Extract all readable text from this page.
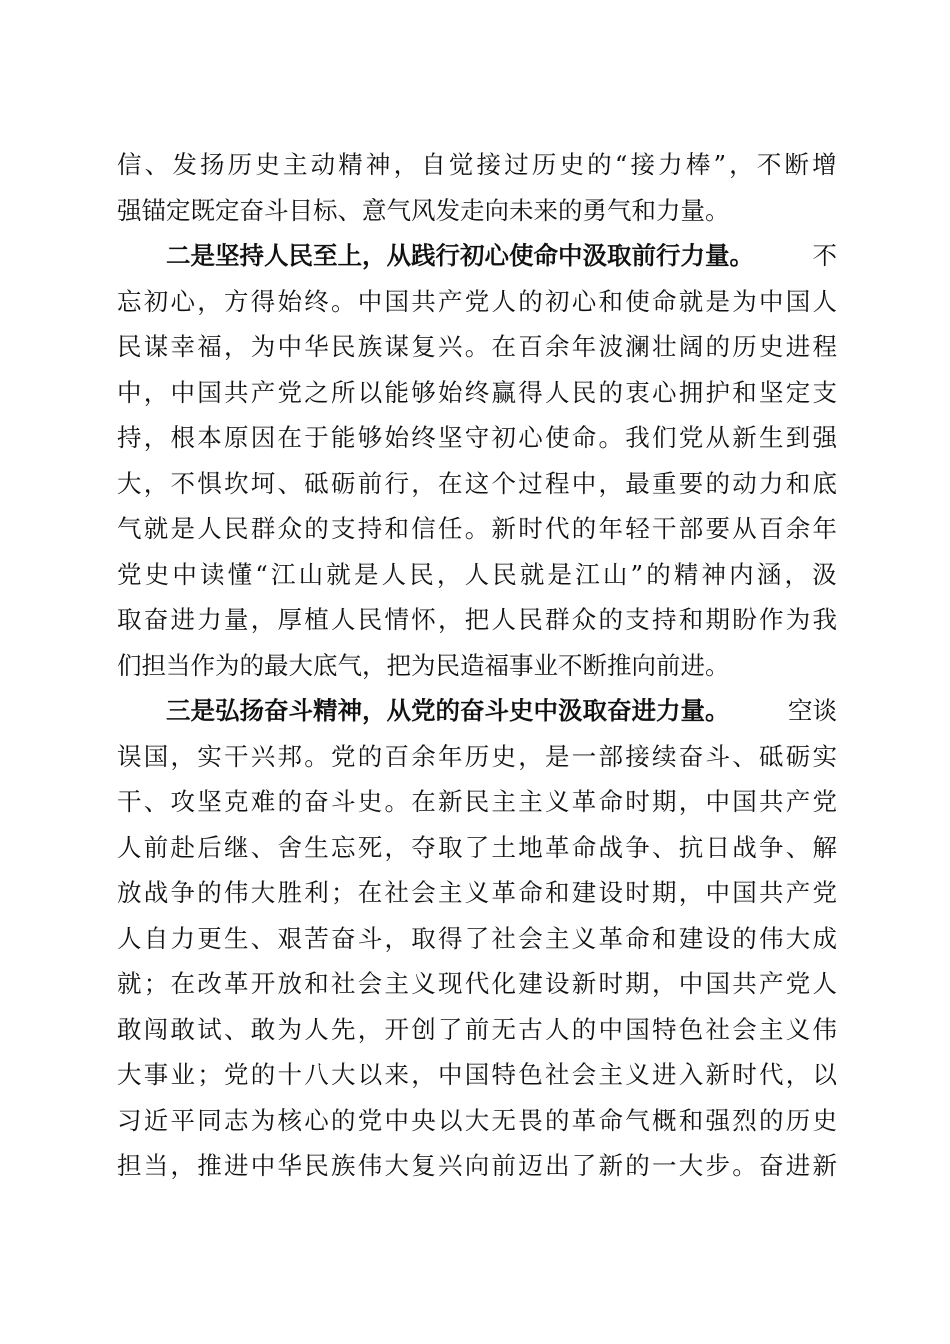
信 、 发 扬 历 史 主 动 精 神 ， 自 觉 接 过 历 史 的 “ 接 力 棒 ” ， 不 断 增
强锚定既定奋斗目标、意气风发走向未来的勇气和力量。
二是坚持人民至上，从践行初心使命中汲取前行力量。 不
忘 初 心 ， 方 得 始 终 。 中 国 共 产 党 人 的 初 心 和 使 命 就 是 为 中 国 人
民 谋 幸 福 ， 为 中 华 民 族 谋 复 兴 。 在 百 余 年 波 澜 壮 阔 的 历 史 进 程
中 ， 中 国 共 产 党 之 所 以 能 够 始 终 赢 得 人 民 的 衷 心 拥 护 和 坚 定 支
持 ， 根 本 原 因 在 于 能 够 始 终 坚 守 初 心 使 命 。 我 们 党 从 新 生 到 强
大 ， 不 惧 坎 坷 、 砥 砺 前 行 ， 在 这 个 过 程 中 ， 最 重 要 的 动 力 和 底
气 就 是 人 民 群 众 的 支 持 和 信 任 。 新 时 代 的 年 轻 干 部 要 从 百 余 年
党 史 中 读 懂 “ 江 山 就 是 人 民 ， 人 民 就 是 江 山 ” 的 精 神 内 涵 ， 汲
取 奋 进 力 量 ， 厚 植 人 民 情 怀 ， 把 人 民 群 众 的 支 持 和 期 盼 作 为 我
们担当作为的最大底气，把为民造福事业不断推向前进。
三是弘扬奋斗精神，从党的奋斗史中汲取奋进力量。 空谈
误 国 ， 实 干 兴 邦 。 党 的 百 余 年 历 史 ， 是 一 部 接 续 奋 斗 、 砥 砺 实
干 、 攻 坚 克 难 的 奋 斗 史 。 在 新 民 主 主 义 革 命 时 期 ， 中 国 共 产 党
人 前 赴 后 继 、 舍 生 忘 死 ， 夺 取 了 土 地 革 命 战 争 、 抗 日 战 争 、 解
放 战 争 的 伟 大 胜 利 ； 在 社 会 主 义 革 命 和 建 设 时 期 ， 中 国 共 产 党
人 自 力 更 生 、 艰 苦 奋 斗 ， 取 得 了 社 会 主 义 革 命 和 建 设 的 伟 大 成
就 ； 在 改 革 开 放 和 社 会 主 义 现 代 化 建 设 新 时 期 ， 中 国 共 产 党 人
敢 闯 敢 试 、 敢 为 人 先 ， 开 创 了 前 无 古 人 的 中 国 特 色 社 会 主 义 伟
大 事 业 ； 党 的 十 八 大 以 来 ， 中 国 特 色 社 会 主 义 进 入 新 时 代 ， 以
习 近 平 同 志 为 核 心 的 党 中 央 以 大 无 畏 的 革 命 气 概 和 强 烈 的 历 史
担 当 ， 推 进 中 华 民 族 伟 大 复 兴 向 前 迈 出 了 新 的 一 大 步 。 奋 进 新
